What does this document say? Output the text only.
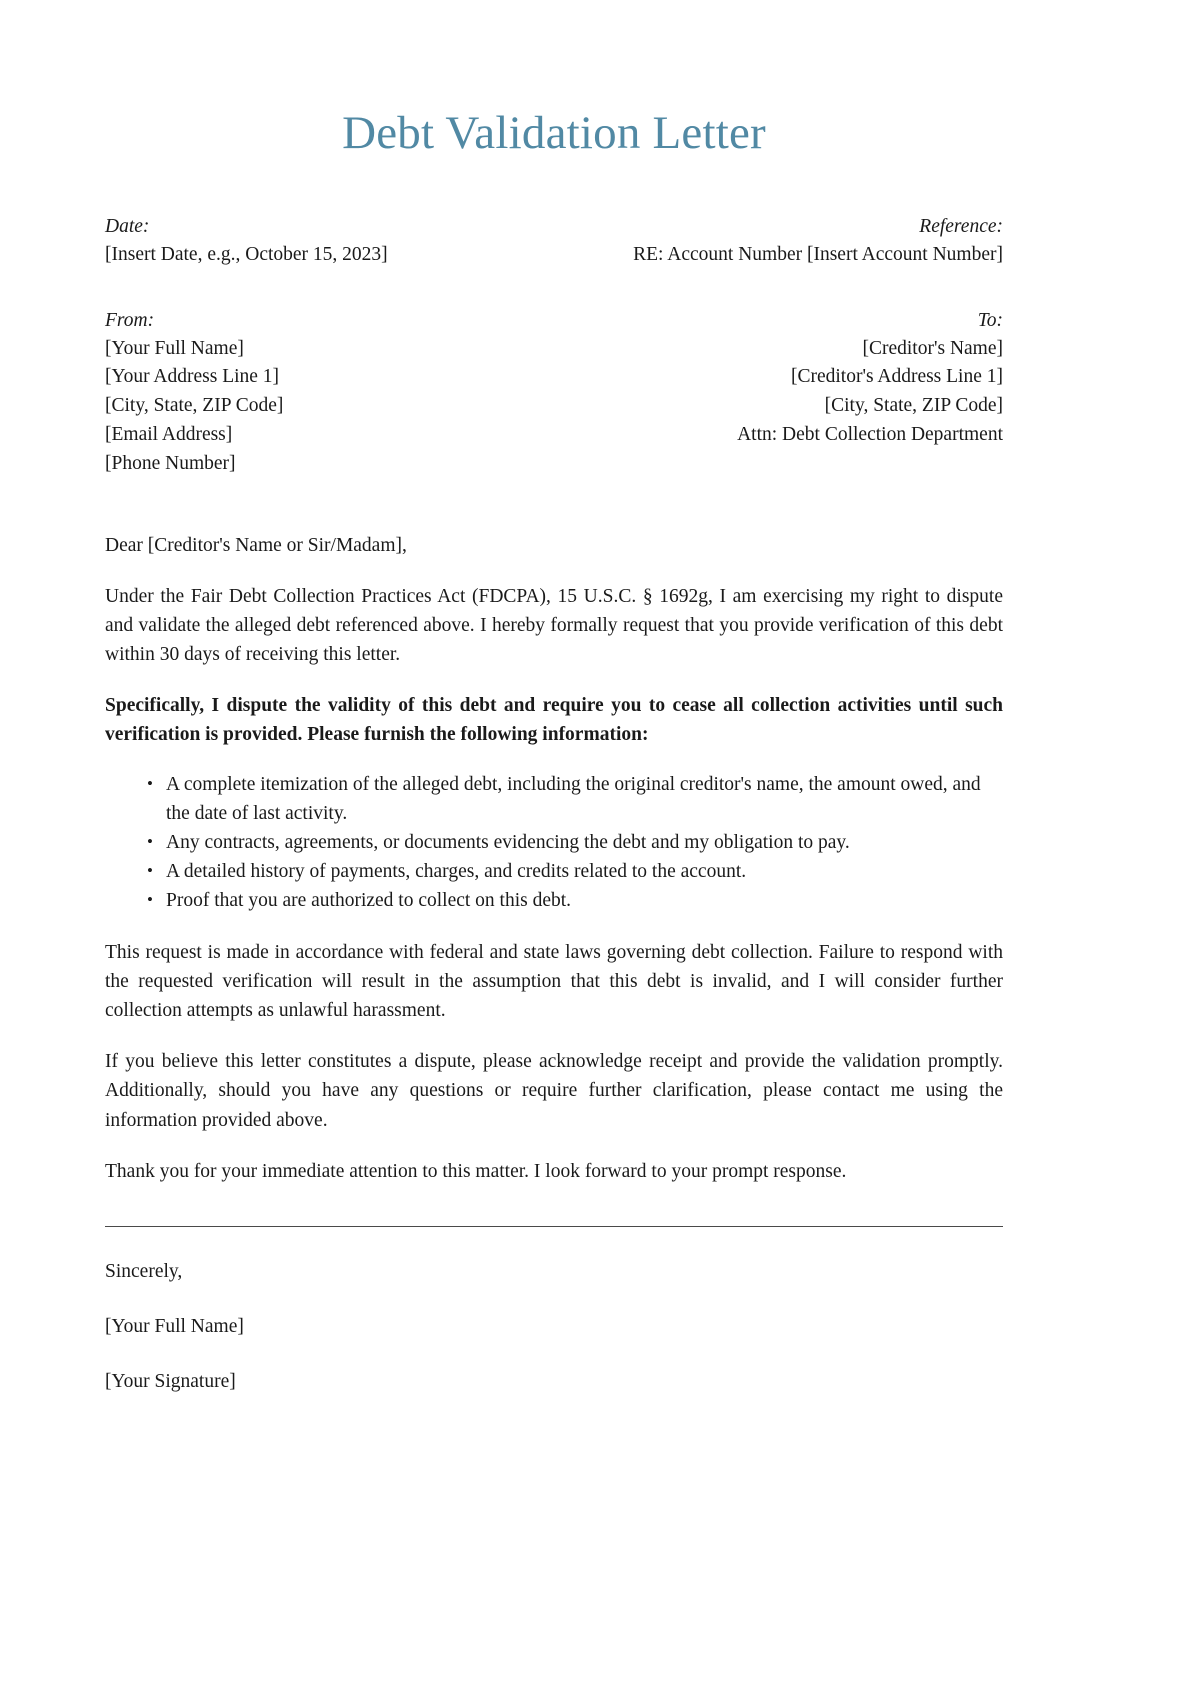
Debt Validation Letter
Date:
[Insert Date, e.g., October 15, 2023]
Reference:
RE: Account Number [Insert Account Number]
From:
[Your Full Name]
[Your Address Line 1]
[City, State, ZIP Code]
[Email Address]
[Phone Number]
To:
[Creditor's Name]
[Creditor's Address Line 1]
[City, State, ZIP Code]
Attn: Debt Collection Department
Dear [Creditor's Name or Sir/Madam],

Under the Fair Debt Collection Practices Act (FDCPA), 15 U.S.C. § 1692g, I am exercising my right to dispute and validate the alleged debt referenced above. I hereby formally request that you provide verification of this debt within 30 days of receiving this letter.

Specifically, I dispute the validity of this debt and require you to cease all collection activities until such verification is provided. Please furnish the following information:

• A complete itemization of the alleged debt, including the original creditor's name, the amount owed, and the date of last activity.
• Any contracts, agreements, or documents evidencing the debt and my obligation to pay.
• A detailed history of payments, charges, and credits related to the account.
• Proof that you are authorized to collect on this debt.

This request is made in accordance with federal and state laws governing debt collection. Failure to respond with the requested verification will result in the assumption that this debt is invalid, and I will consider further collection attempts as unlawful harassment.

If you believe this letter constitutes a dispute, please acknowledge receipt and provide the validation promptly. Additionally, should you have any questions or require further clarification, please contact me using the information provided above.

Thank you for your immediate attention to this matter. I look forward to your prompt response.

Sincerely,
[Your Full Name]
[Your Signature]
